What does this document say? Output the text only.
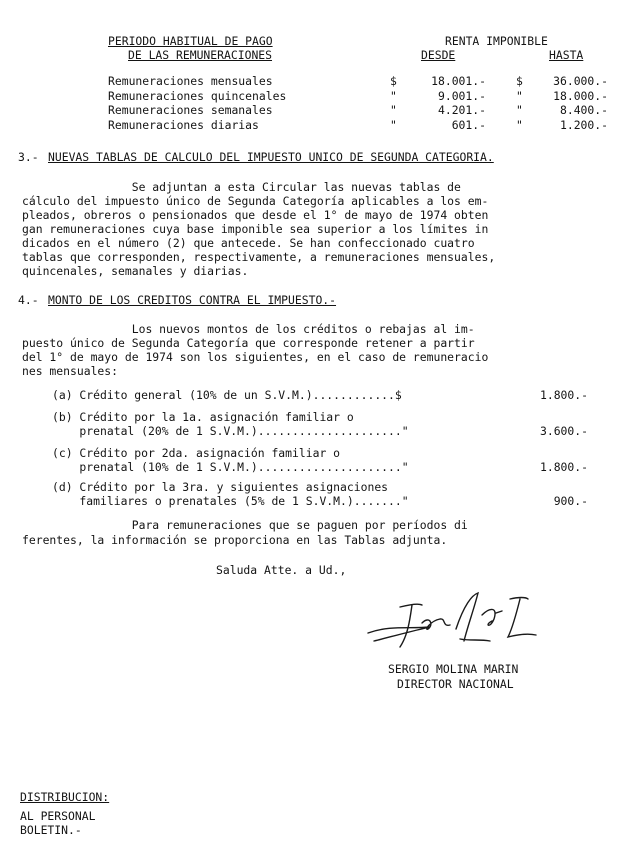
PERIODO HABITUAL DE PAGO
DE LAS REMUNERACIONES
RENTA IMPONIBLE
DESDE	HASTA
Remuneraciones mensuales	$	18.001.-	$	36.000.-
Remuneraciones quincenales	"	9.001.-	"	18.000.-
Remuneraciones semanales	"	4.201.-	"	8.400.-
Remuneraciones diarias	"	601.-	"	1.200.-
3.- NUEVAS TABLAS DE CALCULO DEL IMPUESTO UNICO DE SEGUNDA CATEGORIA.
Se adjuntan a esta Circular las nuevas tablas de
cálculo del impuesto único de Segunda Categoría aplicables a los em-
pleados, obreros o pensionados que desde el 1° de mayo de 1974 obten
gan remuneraciones cuya base imponible sea superior a los límites in
dicados en el número (2) que antecede. Se han confeccionado cuatro
tablas que corresponden, respectivamente, a remuneraciones mensuales,
quincenales, semanales y diarias.
4.- MONTO DE LOS CREDITOS CONTRA EL IMPUESTO.-
Los nuevos montos de los créditos o rebajas al im-
puesto único de Segunda Categoría que corresponde retener a partir
del 1° de mayo de 1974 son los siguientes, en el caso de remuneracio
nes mensuales:
(a) Crédito general (10% de un S.V.M.)............$	1.800.-
(b) Crédito por la 1a. asignación familiar o
prenatal (20% de 1 S.V.M.)....................."	3.600.-
(c) Crédito por 2da. asignación familiar o
prenatal (10% de 1 S.V.M.)....................."	1.800.-
(d) Crédito por la 3ra. y siguientes asignaciones
familiares o prenatales (5% de 1 S.V.M.)......."	900.-
Para remuneraciones que se paguen por períodos di
ferentes, la información se proporciona en las Tablas adjunta.
Saluda Atte. a Ud.,
SERGIO MOLINA MARIN
DIRECTOR NACIONAL
DISTRIBUCION:
AL PERSONAL
BOLETIN.-
